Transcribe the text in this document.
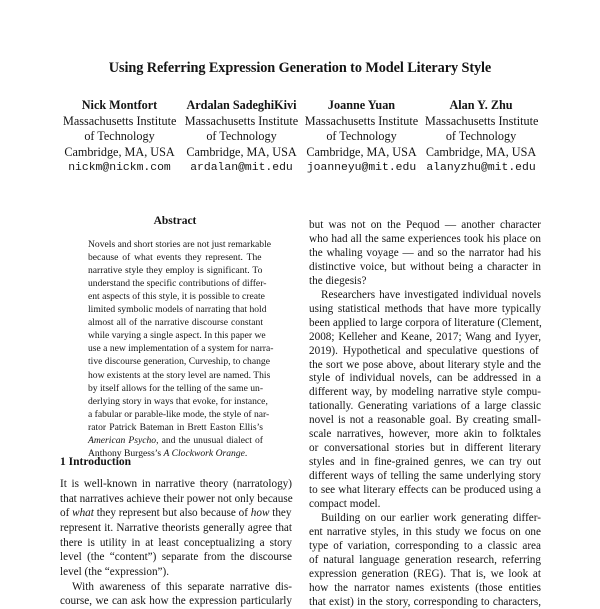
Using Referring Expression Generation to Model Literary Style
Nick Montfort
Massachusetts Institute
of Technology
Cambridge, MA, USA
nickm@nickm.com
Ardalan SadeghiKivi
Massachusetts Institute
of Technology
Cambridge, MA, USA
ardalan@mit.edu
Joanne Yuan
Massachusetts Institute
of Technology
Cambridge, MA, USA
joanneyu@mit.edu
Alan Y. Zhu
Massachusetts Institute
of Technology
Cambridge, MA, USA
alanyzhu@mit.edu
Abstract
Novels and short stories are not just remarkable
because of what events they represent. The
narrative style they employ is significant. To
understand the specific contributions of differ-
ent aspects of this style, it is possible to create
limited symbolic models of narrating that hold
almost all of the narrative discourse constant
while varying a single aspect. In this paper we
use a new implementation of a system for narra-
tive discourse generation, Curveship, to change
how existents at the story level are named. This
by itself allows for the telling of the same un-
derlying story in ways that evoke, for instance,
a fabular or parable-like mode, the style of nar-
rator Patrick Bateman in Brett Easton Ellis’s
American Psycho, and the unusual dialect of
Anthony Burgess’s A Clockwork Orange.
1 Introduction
It is well-known in narrative theory (narratology)
that narratives achieve their power not only because
of what they represent but also because of how they
represent it. Narrative theorists generally agree that
there is utility in at least conceptualizing a story
level (the “content”) separate from the discourse
level (the “expression”).
With awareness of this separate narrative dis-
course, we can ask how the expression particularly
but was not on the Pequod — another character
who had all the same experiences took his place on
the whaling voyage — and so the narrator had his
distinctive voice, but without being a character in
the diegesis?
Researchers have investigated individual novels
using statistical methods that have more typically
been applied to large corpora of literature (Clement,
2008; Kelleher and Keane, 2017; Wang and Iyyer,
2019). Hypothetical and speculative questions of
the sort we pose above, about literary style and the
style of individual novels, can be addressed in a
different way, by modeling narrative style compu-
tationally. Generating variations of a large classic
novel is not a reasonable goal. By creating small-
scale narratives, however, more akin to folktales
or conversational stories but in different literary
styles and in fine-grained genres, we can try out
different ways of telling the same underlying story
to see what literary effects can be produced using a
compact model.
Building on our earlier work generating differ-
ent narrative styles, in this study we focus on one
type of variation, corresponding to a classic area
of natural language generation research, referring
expression generation (REG). That is, we look at
how the narrator names existents (those entities
that exist) in the story, corresponding to characters,
